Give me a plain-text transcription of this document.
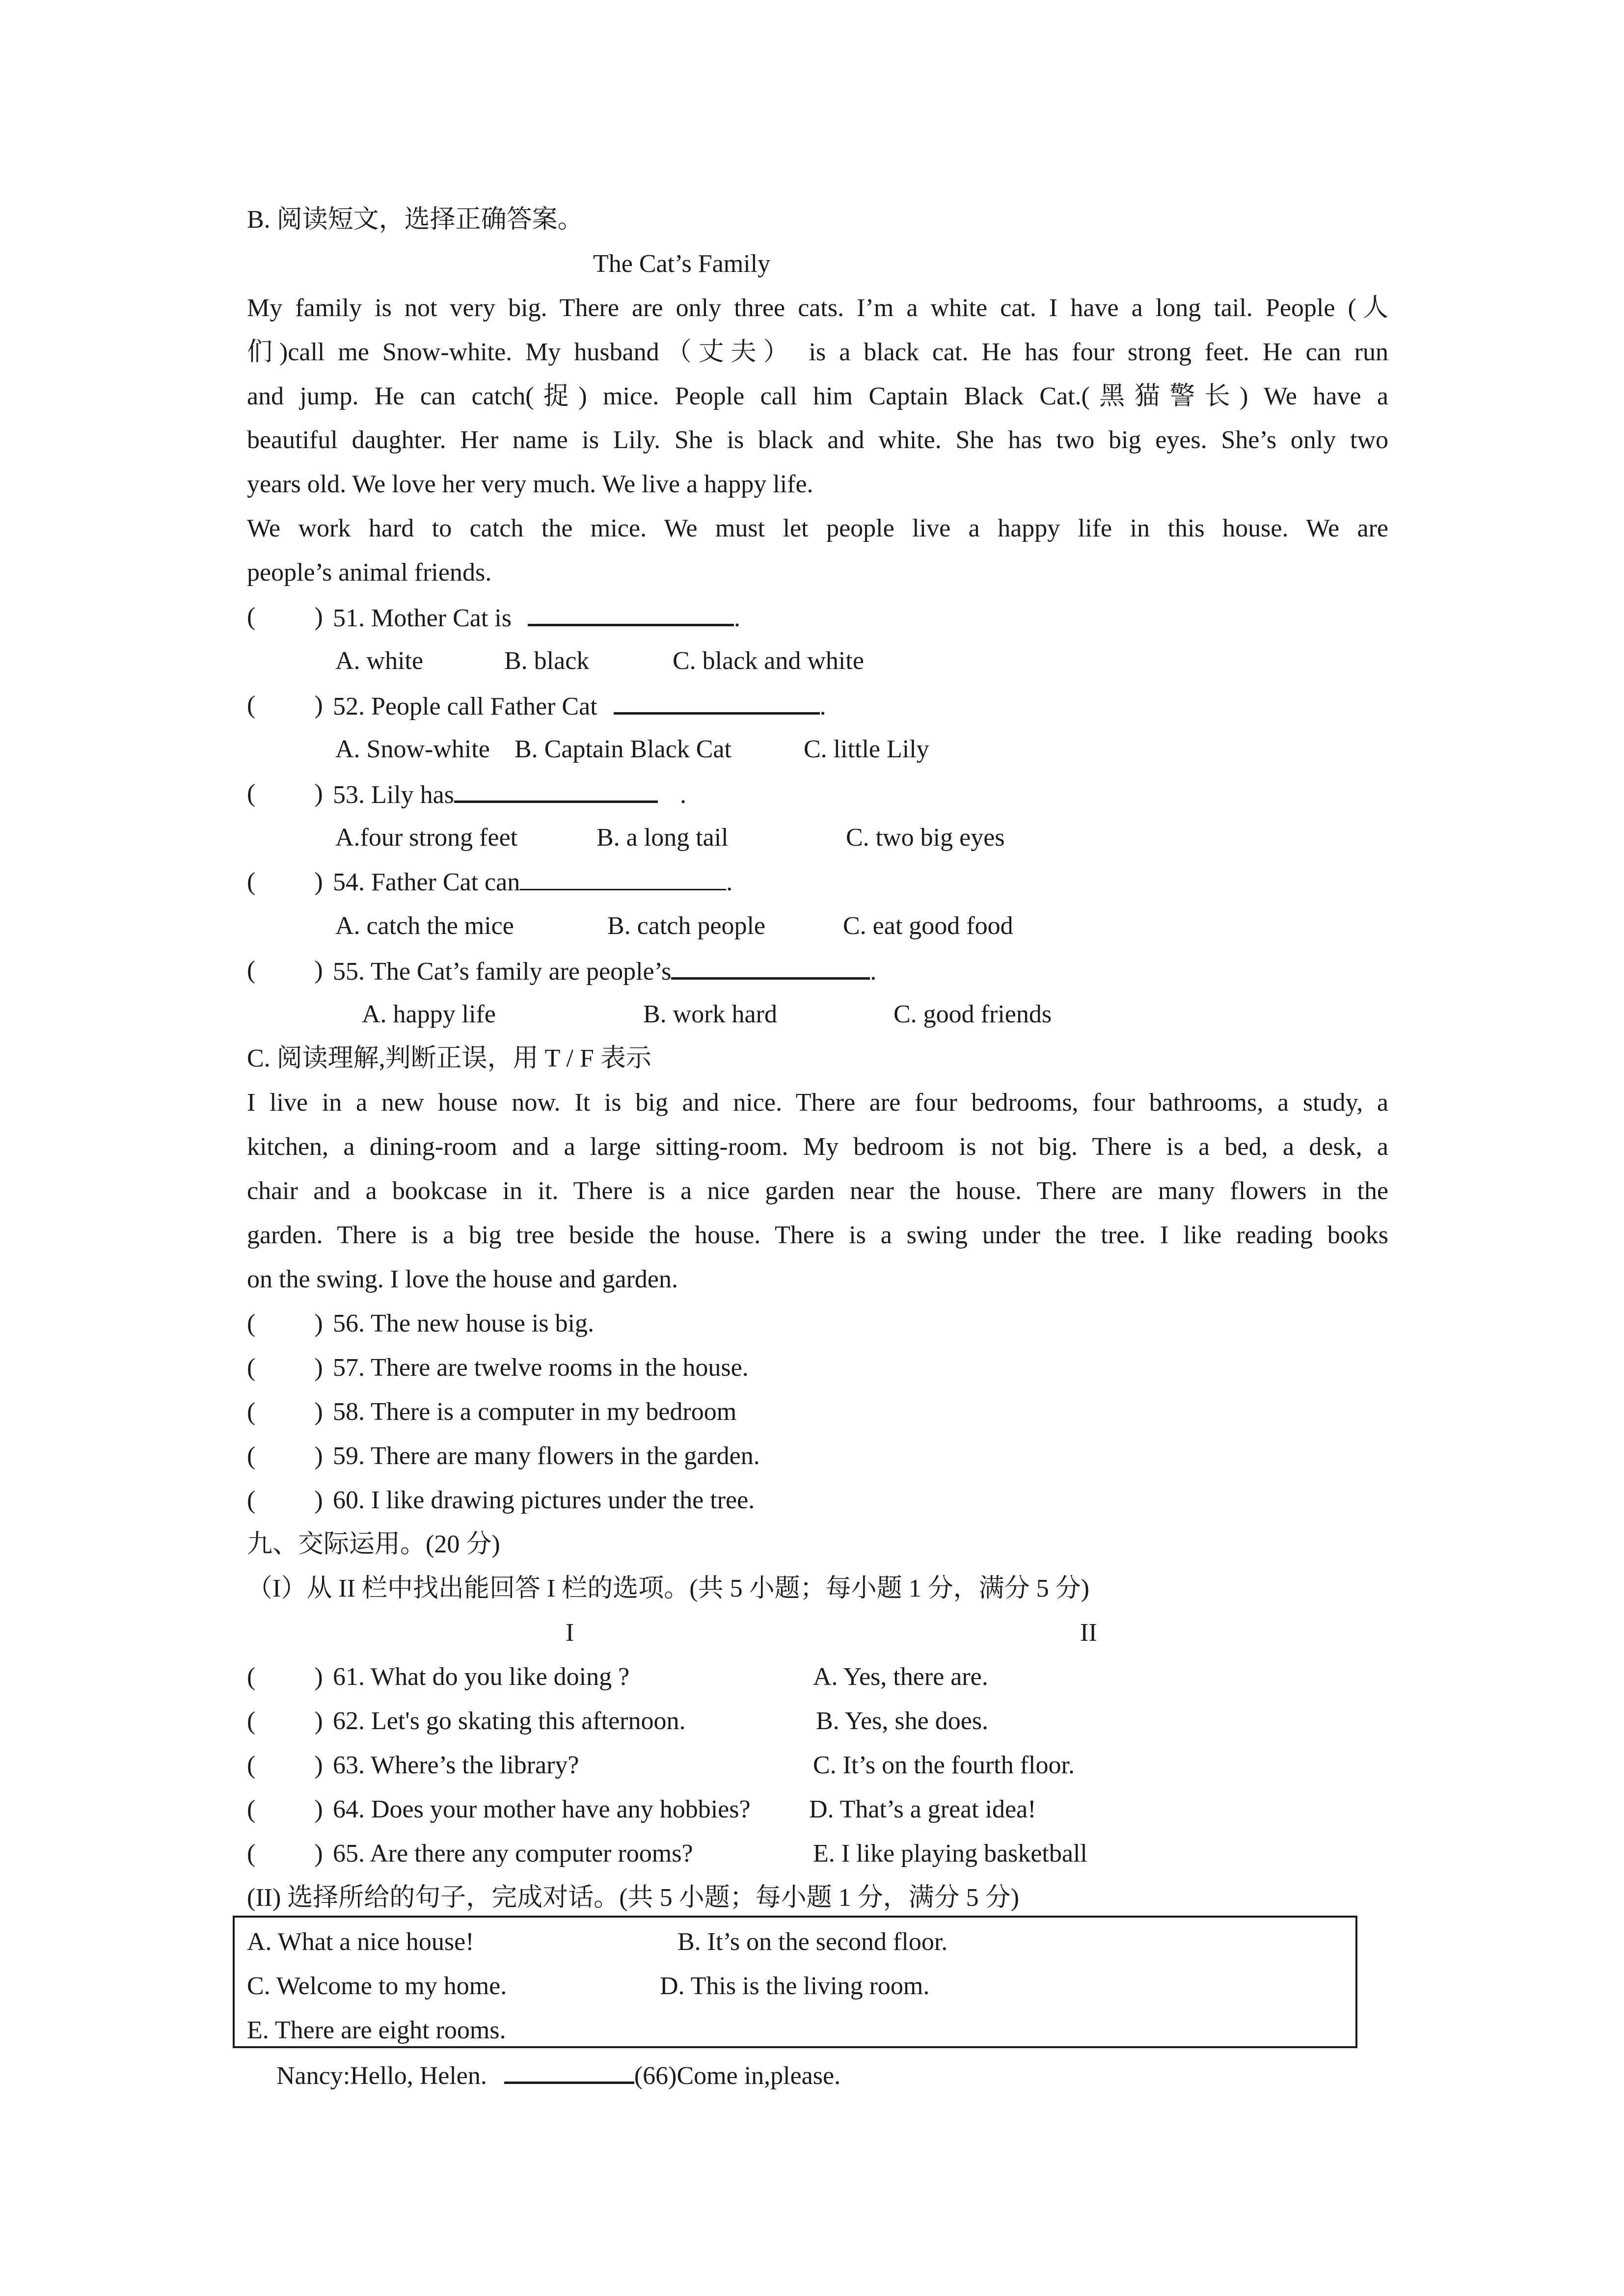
B. 阅读短文，选择正确答案。
The Cat’s Family
My family is not very big. There are only three cats. I’m a white cat. I have a long tail. People (人
们)call me Snow-white. My husband（丈夫） is a black cat. He has four strong feet. He can run
and jump. He can catch(捉) mice. People call him Captain Black Cat.(黑猫警长) We have a
beautiful daughter. Her name is Lily. She is black and white. She has two big eyes. She’s only two
years old. We love her very much. We live a happy life.
We work hard to catch the mice. We must let people live a happy life in this house. We are
people’s animal friends.
( ) 51. Mother Cat is	.
A. white	B. black	C. black and white
( ) 52. People call Father Cat	.
A. Snow-white B. Captain Black Cat	C. little Lily
( ) 53. Lily has	.
A.four strong feet	B. a long tail	C. two big eyes
( ) 54. Father Cat can	.
A. catch the mice	B. catch people	C. eat good food
( ) 55. The Cat’s family are people’s	.
A. happy life	B. work hard	C. good friends
C. 阅读理解,判断正误，用 T / F 表示
I live in a new house now. It is big and nice. There are four bedrooms, four bathrooms, a study, a
kitchen, a dining-room and a large sitting-room. My bedroom is not big. There is a bed, a desk, a
chair and a bookcase in it. There is a nice garden near the house. There are many flowers in the
garden. There is a big tree beside the house. There is a swing under the tree. I like reading books
on the swing. I love the house and garden.
( ) 56. The new house is big.
( ) 57. There are twelve rooms in the house.
( ) 58. There is a computer in my bedroom
( ) 59. There are many flowers in the garden.
( ) 60. I like drawing pictures under the tree.
九、交际运用。(20 分)
（I）从 II 栏中找出能回答 I 栏的选项。(共 5 小题；每小题 1 分，满分 5 分)
I	II
( ) 61. What do you like doing ?	A. Yes, there are.
( ) 62. Let's go skating this afternoon.	B. Yes, she does.
( ) 63. Where’s the library?	C. It’s on the fourth floor.
( ) 64. Does your mother have any hobbies? D. That’s a great idea!
( ) 65. Are there any computer rooms?	E. I like playing basketball
(II) 选择所给的句子，完成对话。(共 5 小题；每小题 1 分，满分 5 分)
A. What a nice house!	B. It’s on the second floor.
C. Welcome to my home.	D. This is the living room.
E. There are eight rooms.
Nancy:Hello, Helen.	(66)Come in,please.
